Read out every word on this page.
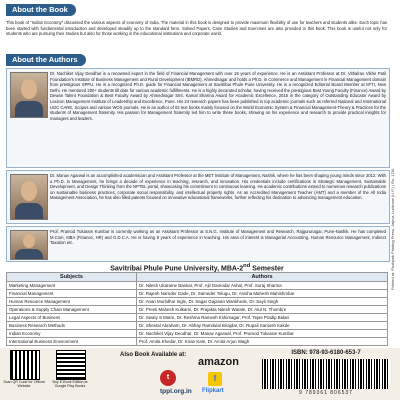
About the Book
This book of “Indian Economy” discussed the various aspects of economy of India. The material in this book is designed to provide maximum flexibility of use for teachers and students alike. Each topic has been started with fundamental introduction and developed steadily up to the standard form. Solved Papers, Case Studies and Exercises are also provided in this book. This book is useful not only for students who are pursuing their studies but also for those working in the educational institutions and corporate world.
About the Authors
Dr. Nachiket Vijay Deodhar is a renowned expert in the field of Financial Management with over 15 years of experience. He is an Assistant Professor at Dr. Vithalrao Vikhe Patil Foundation’s Institute of Business Management and Rural Development (IBMRD), Ahmednagar and holds a Ph.D. in Commerce and Management in Financial Management domain from prestigious SPPU. He is a recognized Ph.D. guide for Financial Management at Savitribai Phule Pune University. He is a recognized Editorial Board Member at IIFTI, New Delhi. He mentored 200+ students till date for various academic fulfillments. He is a highly decorated scholar, having received the prestigious Best Young Faculty (Finance) Award by Dewan Talent Foundation & Best Faculty Award by Ahmednagar Smt. Kamal Sharma Award for Academic Excellence, 2016 in the category of Outstanding Educator Award by Lexicon Management Institute of Leadership and Excellence, Pune. His 24 research papers has been published in top academic journals such as referred National and International UGC CARE, Scopus and various WOS journals. He is an author of 02 text books mainly focused on the World Economic System & Financial Management-Theory & Practices for the students of Management fraternity. His passion for Management fraternity led him to write these books, showing on his experience and research to provide practical insights for managers and leaders.
Dr. Manav Agarwal is an accomplished academician and Assistant Professor at the MET Institute of Management, Nashik, where he has been shaping young minds since 2012. With a Ph.D. in Management, he brings a decade of experience in teaching, research, and innovation. His credentials include certifications in Strategic Management, Sustainable Development, and Design Thinking from the NPTEL portal, showcasing his commitment to continuous learning. He academic contributions extend to numerous research publications on sustainable business practices, corporate social responsibility, and intellectual property rights. As an Accredited Management Teacher (AMT) and a member of the All India Management Association, he has also filled patents focused on innovative educational frameworks, further reflecting his dedication to advancing management education.
Prof. Pramod Tukaram Kumbar is currently working as an Assistant Professor at S.N.G. Institute of Management and Research, Rajgurunagar, Pune-Nashik. He has completed M.Com, MBA (Finance, HR) and G.D.C.A. He is having 8 years of experience in teaching. His area of interest is Managerial Accounting, Human Resource Management, Indirect Taxation etc.	Printed at: Pushpak Printing Press, Jaipur, Lucknow (U.P.) | Rs. 178/-
Savitribai Phule Pune University, MBA-2nd Semester
Subjects	Authors
Marketing Management	Dr. Nilesh Ukarame Bankar, Prof. Ajit Damodar Ashal, Prof. Suraj Sharma
Financial Management	Dr. Rajesh Narnder Gade, Dr. Sameder Telugu, Dr. Anisha Mahesh Mahishmbar
Human Resource Management	Dr. Anan Murlidhar Ingle, Dr. Sagar Gajanan Wankhede, Dr. Sayli Singh
Operations & Supply Chain Management	Dr. Preeti Mahesh Kulkarni, Dr. Prajakta Nitesh Warale, Dr. Atul N. Thombre
Legal Aspects of Business	Dr. Swaty S Mutre, Dr. Reshma Ramesh Kshirsagar, Prof. Tejas Pradip Bidari
Business Research Methods	Dr. Sheetal Abraham, Dr. Abhay Ramdulal Birajdar, Dr. Rupali Santosh Kakde
Indian Economy	Dr. Nachiket Vijay Deodhar, Dr. Manav Agarwal, Prof. Pramod Tukaram Kumbar
International Business Environment	Prof. Amita Khedar, Dr. Kiran Kale, Dr. Amita Arjun Wagh
Scan QR Code for Official Website
Buy E-Book Edition at Google Play Books
Also Book Available at:
amazon
t
tppl.org.in
f
Flipkart
ISBN: 978-93-6180-653-7
9 789361 806537
